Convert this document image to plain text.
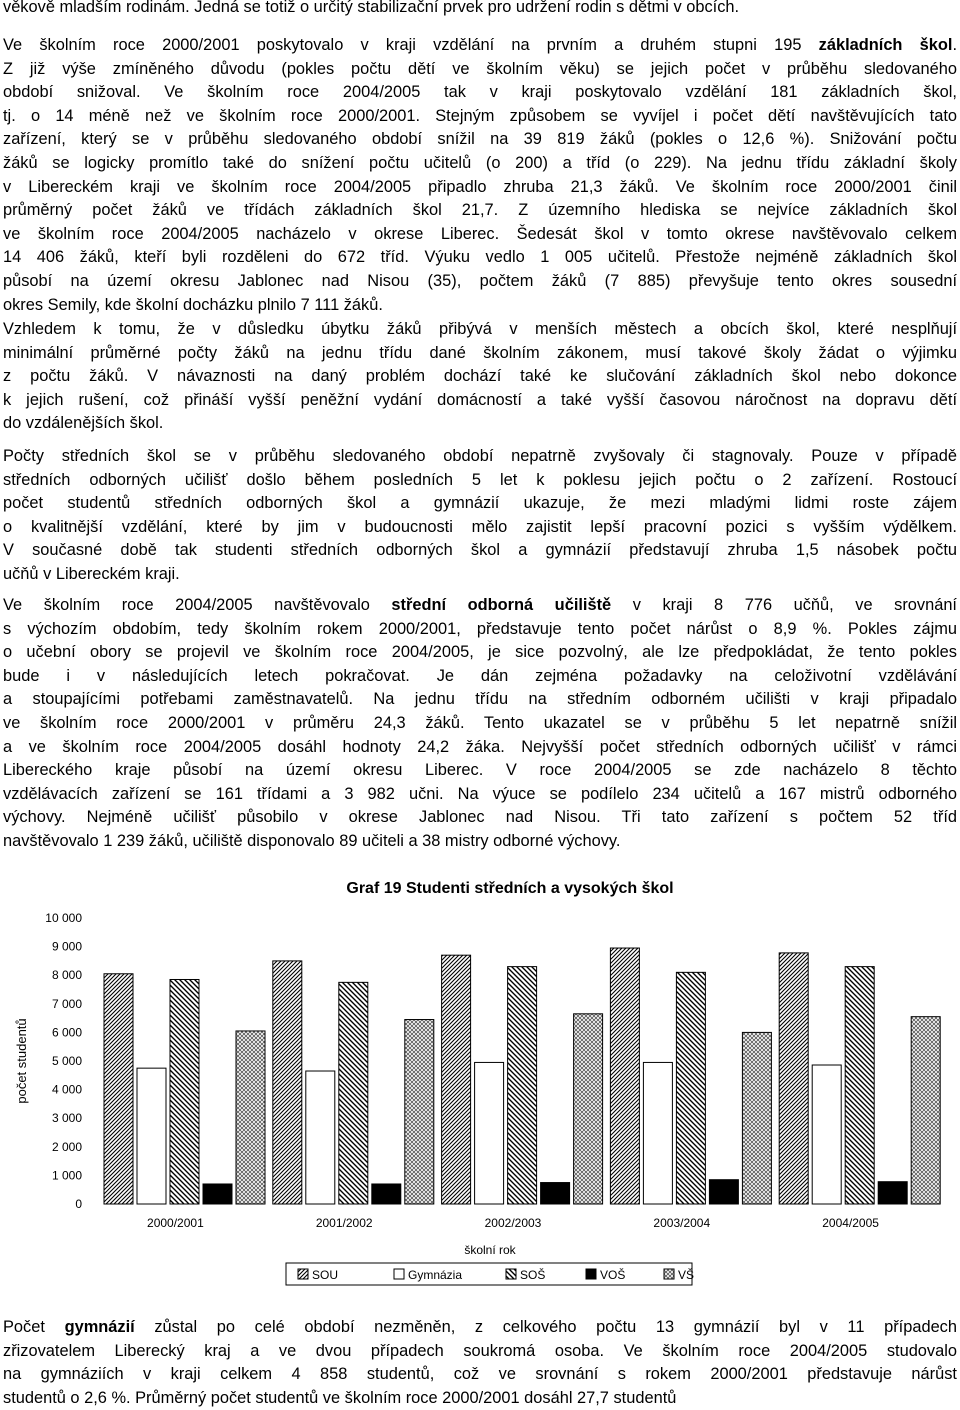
věkově mladším rodinám. Jedná se totiž o určitý stabilizační prvek pro udržení rodin s dětmi v obcích.
Ve školním roce 2000/2001 poskytovalo v kraji vzdělání na prvním a druhém stupni 195 základních škol.
Z již výše zmíněného důvodu (pokles počtu dětí ve školním věku) se jejich počet v průběhu sledovaného
období snižoval. Ve školním roce 2004/2005 tak v kraji poskytovalo vzdělání 181 základních škol,
tj. o 14 méně než ve školním roce 2000/2001. Stejným způsobem se vyvíjel i počet dětí navštěvujících tato
zařízení, který se v průběhu sledovaného období snížil na 39 819 žáků (pokles o 12,6 %). Snižování počtu
žáků se logicky promítlo také do snížení počtu učitelů (o 200) a tříd (o 229). Na jednu třídu základní školy
v Libereckém kraji ve školním roce 2004/2005 připadlo zhruba 21,3 žáků. Ve školním roce 2000/2001 činil
průměrný počet žáků ve třídách základních škol 21,7. Z územního hlediska se nejvíce základních škol
ve školním roce 2004/2005 nacházelo v okrese Liberec. Šedesát škol v tomto okrese navštěvovalo celkem
14 406 žáků, kteří byli rozděleni do 672 tříd. Výuku vedlo 1 005 učitelů. Přestože nejméně základních škol
působí na území okresu Jablonec nad Nisou (35), počtem žáků (7 885) převyšuje tento okres sousední
okres Semily, kde školní docházku plnilo 7 111 žáků.
Vzhledem k tomu, že v důsledku úbytku žáků přibývá v menších městech a obcích škol, které nesplňují
minimální průměrné počty žáků na jednu třídu dané školním zákonem, musí takové školy žádat o výjimku
z počtu žáků. V návaznosti na daný problém dochází také ke slučování základních škol nebo dokonce
k jejich rušení, což přináší vyšší peněžní vydání domácností a také vyšší časovou náročnost na dopravu dětí
do vzdálenějších škol.
Počty středních škol se v průběhu sledovaného období nepatrně zvyšovaly či stagnovaly. Pouze v případě
středních odborných učilišť došlo během posledních 5 let k poklesu jejich počtu o 2 zařízení. Rostoucí
počet studentů středních odborných škol a gymnázií ukazuje, že mezi mladými lidmi roste zájem
o kvalitnější vzdělání, které by jim v budoucnosti mělo zajistit lepší pracovní pozici s vyšším výdělkem.
V současné době tak studenti středních odborných škol a gymnázií představují zhruba 1,5 násobek počtu
učňů v Libereckém kraji.
Ve školním roce 2004/2005 navštěvovalo střední odborná učiliště v kraji 8 776 učňů, ve srovnání
s výchozím obdobím, tedy školním rokem 2000/2001, představuje tento počet nárůst o 8,9 %. Pokles zájmu
o učební obory se projevil ve školním roce 2004/2005, je sice pozvolný, ale lze předpokládat, že tento pokles
bude i v následujících letech pokračovat. Je dán zejména požadavky na celoživotní vzdělávání
a stoupajícími potřebami zaměstnavatelů. Na jednu třídu na středním odborném učilišti v kraji připadalo
ve školním roce 2000/2001 v průměru 24,3 žáků. Tento ukazatel se v průběhu 5 let nepatrně snížil
a ve školním roce 2004/2005 dosáhl hodnoty 24,2 žáka. Nejvyšší počet středních odborných učilišť v rámci
Libereckého kraje působí na území okresu Liberec. V roce 2004/2005 se zde nacházelo 8 těchto
vzdělávacích zařízení se 161 třídami a 3 982 učni. Na výuce se podílelo 234 učitelů a 167 mistrů odborného
výchovy. Nejméně učilišť působilo v okrese Jablonec nad Nisou. Tři tato zařízení s počtem 52 tříd
navštěvovalo 1 239 žáků, učiliště disponovalo 89 učiteli a 38 mistry odborné výchovy.
Počet gymnázií zůstal po celé období nezměněn, z celkového počtu 13 gymnázií byl v 11 případech
zřizovatelem Liberecký kraj a ve dvou případech soukromá osoba. Ve školním roce 2004/2005 studovalo
na gymnáziích v kraji celkem 4 858 studentů, což ve srovnání s rokem 2000/2001 představuje nárůst
studentů o 2,6 %. Průměrný počet studentů ve školním roce 2000/2001 dosáhl 27,7 studentů
Graf 19 Studenti středních a vysokých škol
0
1 000
2 000
3 000
4 000
5 000
6 000
7 000
8 000
9 000
10 000
počet studentů
2000/2001	2001/2002	2002/2003	2003/2004	2004/2005
školní rok
SOU	Gymnázia	SOŠ	VOŠ	VŠ
